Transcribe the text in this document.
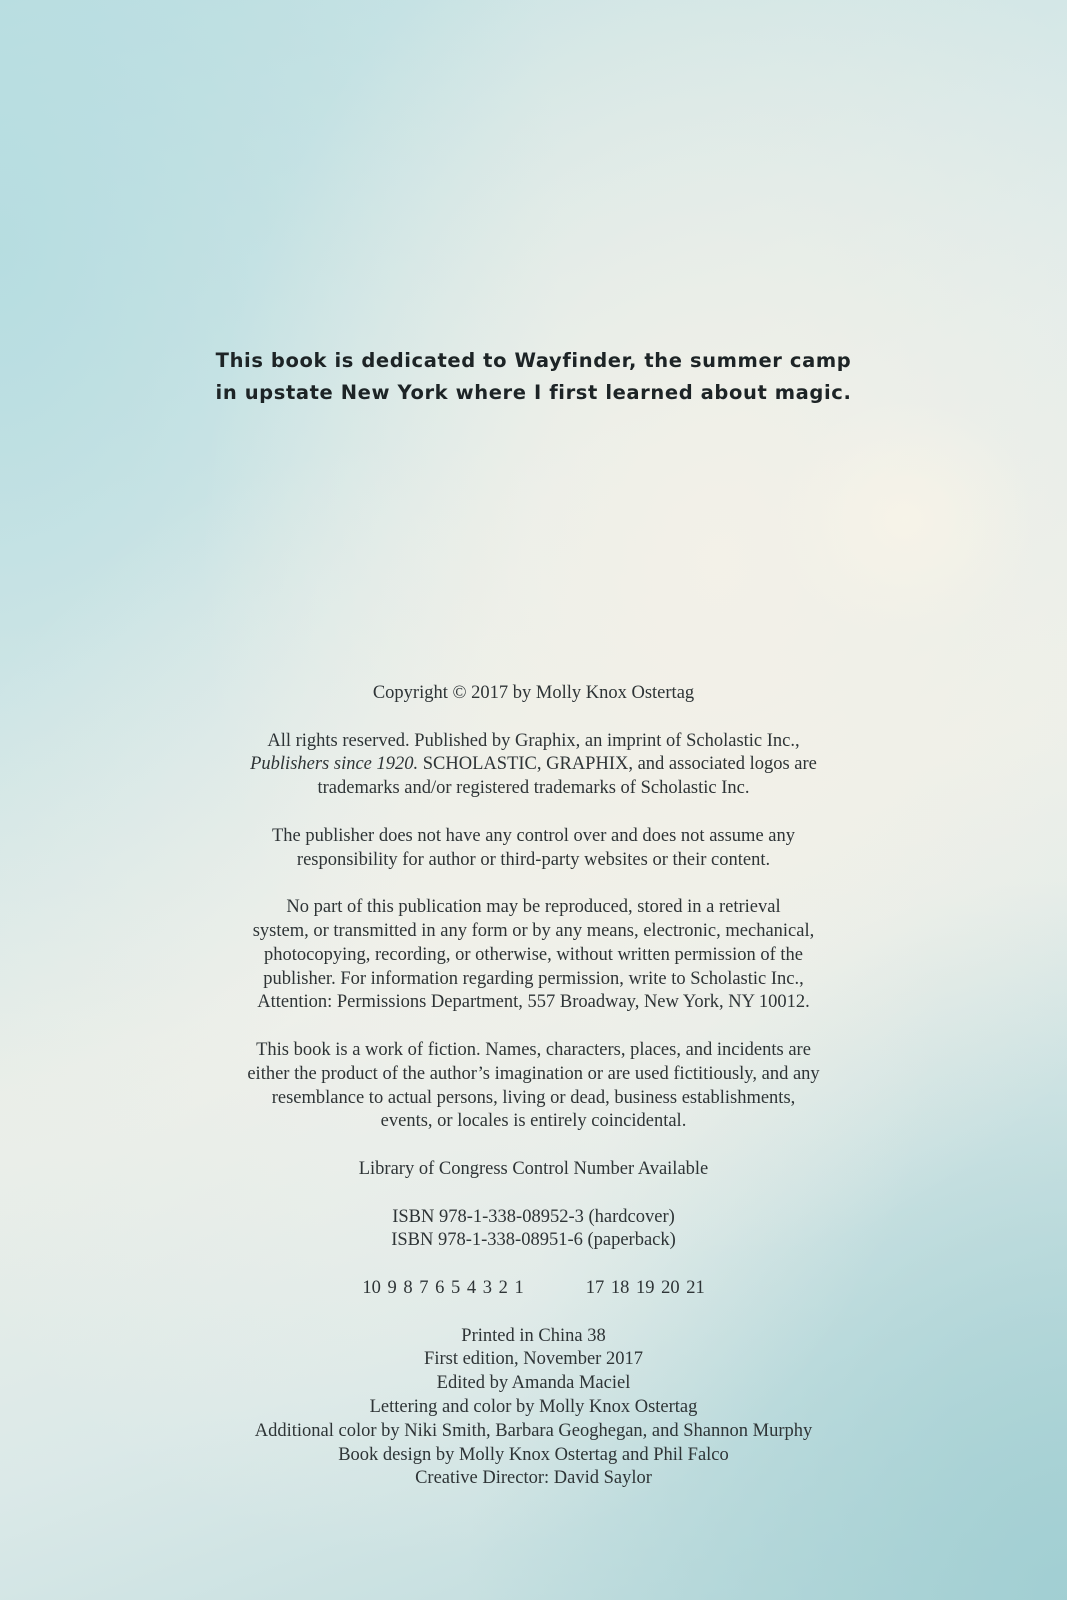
This book is dedicated to Wayfinder, the summer camp
in upstate New York where I first learned about magic.

Copyright © 2017 by Molly Knox Ostertag

All rights reserved. Published by Graphix, an imprint of Scholastic Inc.,
Publishers since 1920. SCHOLASTIC, GRAPHIX, and associated logos are
trademarks and/or registered trademarks of Scholastic Inc.

The publisher does not have any control over and does not assume any
responsibility for author or third-party websites or their content.

No part of this publication may be reproduced, stored in a retrieval
system, or transmitted in any form or by any means, electronic, mechanical,
photocopying, recording, or otherwise, without written permission of the
publisher. For information regarding permission, write to Scholastic Inc.,
Attention: Permissions Department, 557 Broadway, New York, NY 10012.

This book is a work of fiction. Names, characters, places, and incidents are
either the product of the author’s imagination or are used fictitiously, and any
resemblance to actual persons, living or dead, business establishments,
events, or locales is entirely coincidental.

Library of Congress Control Number Available

ISBN 978-1-338-08952-3 (hardcover)
ISBN 978-1-338-08951-6 (paperback)

10 9 8 7 6 5 4 3 2 1	17 18 19 20 21

Printed in China 38
First edition, November 2017
Edited by Amanda Maciel
Lettering and color by Molly Knox Ostertag
Additional color by Niki Smith, Barbara Geoghegan, and Shannon Murphy
Book design by Molly Knox Ostertag and Phil Falco
Creative Director: David Saylor
